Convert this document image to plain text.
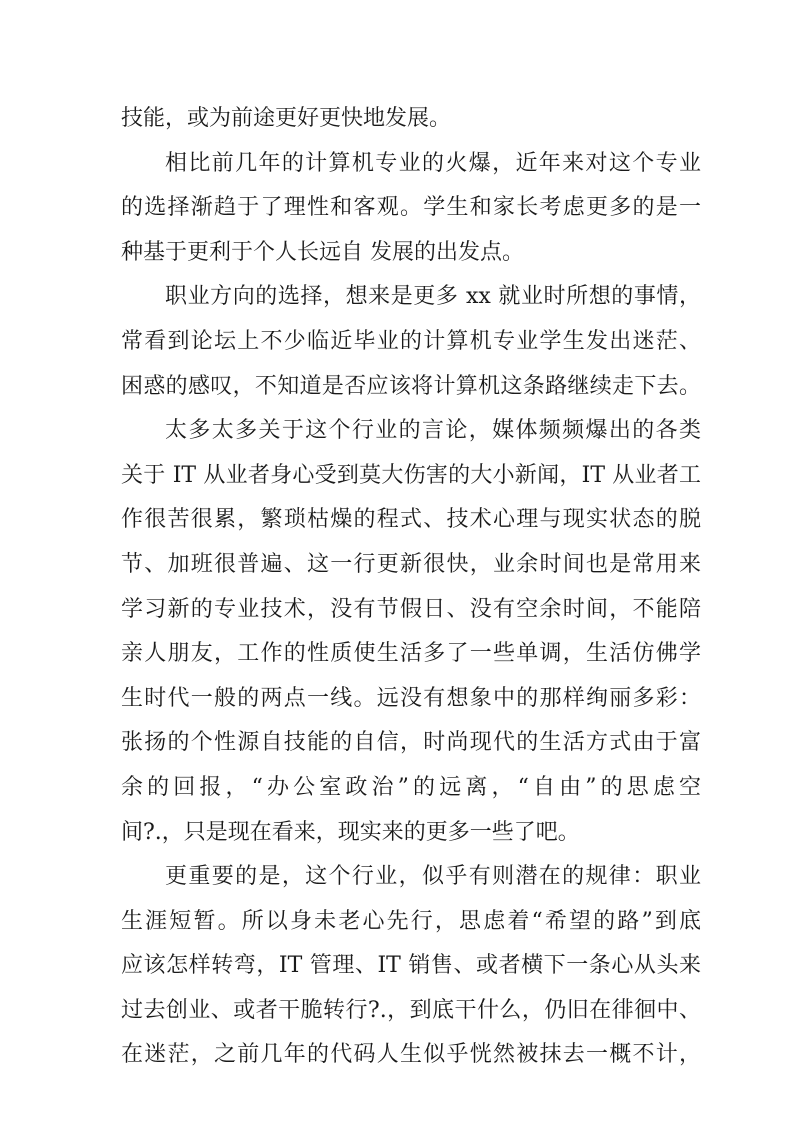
技能，或为前途更好更快地发展。
相比前几年的计算机专业的火爆，近年来对这个专业
的选择渐趋于了理性和客观。学生和家长考虑更多的是一
种基于更利于个人长远自 发展的出发点。
职业方向的选择，想来是更多 xx 就业时所想的事情，
常看到论坛上不少临近毕业的计算机专业学生发出迷茫、
困惑的感叹，不知道是否应该将计算机这条路继续走下去。
太多太多关于这个行业的言论，媒体频频爆出的各类
关于 IT 从业者身心受到莫大伤害的大小新闻，IT 从业者工
作很苦很累，繁琐枯燥的程式、技术心理与现实状态的脱
节、加班很普遍、这一行更新很快，业余时间也是常用来
学习新的专业技术，没有节假日、没有空余时间，不能陪
亲人朋友，工作的性质使生活多了一些单调，生活仿佛学
生时代一般的两点一线。远没有想象中的那样绚丽多彩：
张扬的个性源自技能的自信，时尚现代的生活方式由于富
余的回报，“办公室政治”的远离，“自由”的思虑空
间?.，只是现在看来，现实来的更多一些了吧。
更重要的是，这个行业，似乎有则潜在的规律：职业
生涯短暂。所以身未老心先行，思虑着“希望的路”到底
应该怎样转弯，IT 管理、IT 销售、或者横下一条心从头来
过去创业、或者干脆转行?.，到底干什么，仍旧在徘徊中、
在迷茫，之前几年的代码人生似乎恍然被抹去一概不计，
